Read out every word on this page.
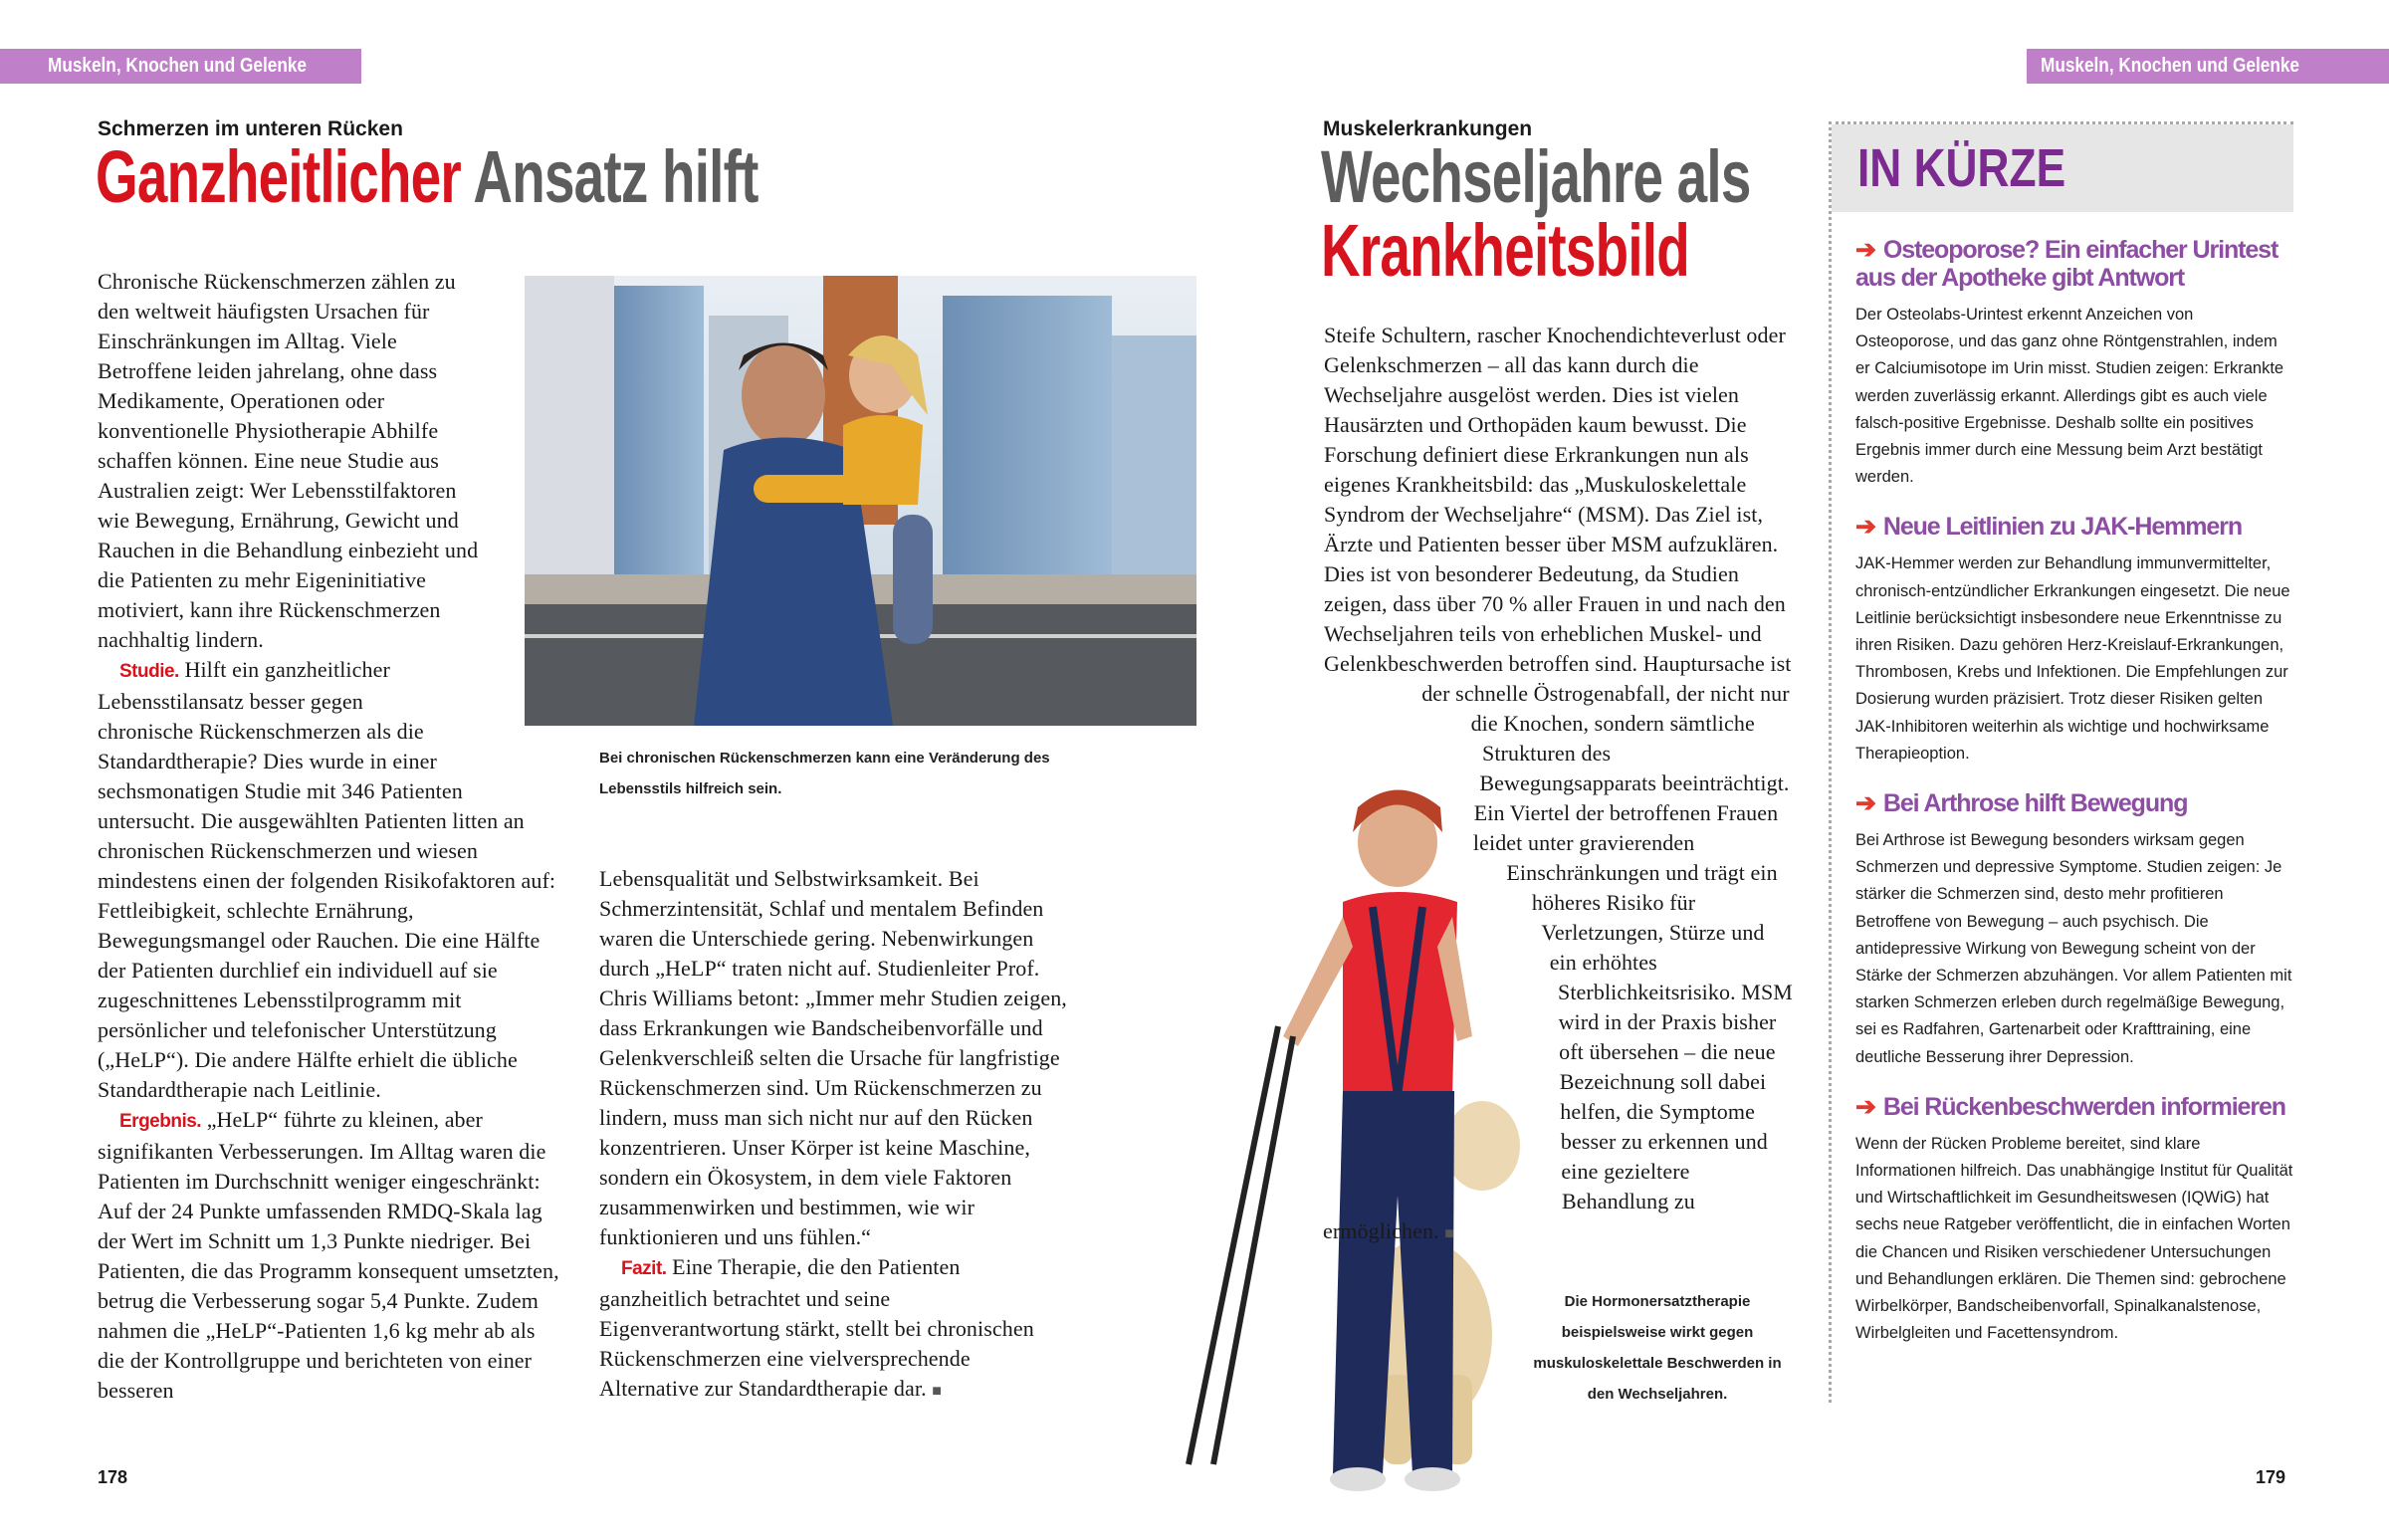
Muskeln, Knochen und Gelenke	Muskeln, Knochen und Gelenke
Schmerzen im unteren Rücken
Ganzheitlicher Ansatz hilft

Chronische Rückenschmerzen zählen zu den weltweit häufigsten Ursachen für Einschränkungen im Alltag. Viele Betroffene leiden jahrelang, ohne dass Medikamente, Operationen oder konventionelle Physiotherapie Abhilfe schaffen können. Eine neue Studie aus Australien zeigt: Wer Lebensstilfaktoren wie Bewegung, Ernährung, Gewicht und Rauchen in die Behandlung einbezieht und die Patienten zu mehr Eigeninitiative motiviert, kann ihre Rückenschmerzen nachhaltig lindern.

Studie. Hilft ein ganzheitlicher Lebensstilansatz besser gegen chronische Rückenschmerzen als die Standardtherapie? Dies wurde in einer sechsmonatigen Studie mit 346 Patienten untersucht. Die ausgewählten Patienten litten an chronischen Rückenschmerzen und wiesen mindestens einen der folgenden Risikofaktoren auf: Fettleibigkeit, schlechte Ernährung, Bewegungsmangel oder Rauchen. Die eine Hälfte der Patienten durchlief ein individuell auf sie zugeschnittenes Lebensstilprogramm mit persönlicher und telefonischer Unterstützung („HeLP“). Die andere Hälfte erhielt die übliche Standardtherapie nach Leitlinie.

Ergebnis. „HeLP“ führte zu kleinen, aber signifikanten Verbesserungen. Im Alltag waren die Patienten im Durchschnitt weniger eingeschränkt: Auf der 24 Punkte umfassenden RMDQ-Skala lag der Wert im Schnitt um 1,3 Punkte niedriger. Bei Patienten, die das Programm konsequent umsetzten, betrug die Verbesserung sogar 5,4 Punkte. Zudem nahmen die „HeLP“-Patienten 1,6 kg mehr ab als die der Kontrollgruppe und berichteten von einer besseren

Bei chronischen Rückenschmerzen kann eine Veränderung des Lebensstils hilfreich sein.

Lebensqualität und Selbstwirksamkeit. Bei Schmerzintensität, Schlaf und mentalem Befinden waren die Unterschiede gering. Nebenwirkungen durch „HeLP“ traten nicht auf. Studienleiter Prof. Chris Williams betont: „Immer mehr Studien zeigen, dass Erkrankungen wie Bandscheibenvorfälle und Gelenkverschleiß selten die Ursache für langfristige Rückenschmerzen sind. Um Rückenschmerzen zu lindern, muss man sich nicht nur auf den Rücken konzentrieren. Unser Körper ist keine Maschine, sondern ein Ökosystem, in dem viele Faktoren zusammenwirken und bestimmen, wie wir funktionieren und uns fühlen.“

Fazit. Eine Therapie, die den Patienten ganzheitlich betrachtet und seine Eigenverantwortung stärkt, stellt bei chronischen Rückenschmerzen eine vielversprechende Alternative zur Standardtherapie dar. ■

178
Muskelerkrankungen
Wechseljahre als
Krankheitsbild

Steife Schultern, rascher Knochendichteverlust oder Gelenkschmerzen – all das kann durch die Wechseljahre ausgelöst werden. Dies ist vielen Hausärzten und Orthopäden kaum bewusst. Die Forschung definiert diese Erkrankungen nun als eigenes Krankheitsbild: das „Muskuloskelettale Syndrom der Wechseljahre“ (MSM). Das Ziel ist, Ärzte und Patienten besser über MSM aufzuklären. Dies ist von besonderer Bedeutung, da Studien zeigen, dass über 70 % aller Frauen in und nach den Wechseljahren teils von erheblichen Muskel- und Gelenkbeschwerden betroffen sind. Hauptursache ist der schnelle Östrogenabfall, der nicht nur die Knochen, sondern sämtliche Strukturen des Bewegungsapparats beeinträchtigt. Ein Viertel der betroffenen Frauen leidet unter gravierenden Einschränkungen und trägt ein höheres Risiko für Verletzungen, Stürze und ein erhöhtes Sterblichkeitsrisiko. MSM wird in der Praxis bisher oft übersehen – die neue Bezeichnung soll dabei helfen, die Symptome besser zu erkennen und eine gezieltere Behandlung zu ermöglichen. ■

Die Hormonersatztherapie beispielsweise wirkt gegen muskuloskelettale Beschwerden in den Wechseljahren.
179
IN KÜRZE
➔ Osteoporose? Ein einfacher Urintest aus der Apotheke gibt Antwort

Der Osteolabs-Urintest erkennt Anzeichen von Osteoporose, und das ganz ohne Röntgenstrahlen, indem er Calciumisotope im Urin misst. Studien zeigen: Erkrankte werden zuverlässig erkannt. Allerdings gibt es auch viele falsch-positive Ergebnisse. Deshalb sollte ein positives Ergebnis immer durch eine Messung beim Arzt bestätigt werden.

➔ Neue Leitlinien zu JAK-Hemmern

JAK-Hemmer werden zur Behandlung immunvermittelter, chronisch-entzündlicher Erkrankungen eingesetzt. Die neue Leitlinie berücksichtigt insbesondere neue Erkenntnisse zu ihren Risiken. Dazu gehören Herz-Kreislauf-Erkrankungen, Thrombosen, Krebs und Infektionen. Die Empfehlungen zur Dosierung wurden präzisiert. Trotz dieser Risiken gelten JAK-Inhibitoren weiterhin als wichtige und hochwirksame Therapieoption.

➔ Bei Arthrose hilft Bewegung

Bei Arthrose ist Bewegung besonders wirksam gegen Schmerzen und depressive Symptome. Studien zeigen: Je stärker die Schmerzen sind, desto mehr profitieren Betroffene von Bewegung – auch psychisch. Die antidepressive Wirkung von Bewegung scheint von der Stärke der Schmerzen abzuhängen. Vor allem Patienten mit starken Schmerzen erleben durch regelmäßige Bewegung, sei es Radfahren, Gartenarbeit oder Krafttraining, eine deutliche Besserung ihrer Depression.

➔ Bei Rückenbeschwerden informieren

Wenn der Rücken Probleme bereitet, sind klare Informationen hilfreich. Das unabhängige Institut für Qualität und Wirtschaftlichkeit im Gesundheitswesen (IQWiG) hat sechs neue Ratgeber veröffentlicht, die in einfachen Worten die Chancen und Risiken verschiedener Untersuchungen und Behandlungen erklären. Die Themen sind: gebrochene Wirbelkörper, Bandscheibenvorfall, Spinalkanalstenose, Wirbelgleiten und Facettensyndrom.
